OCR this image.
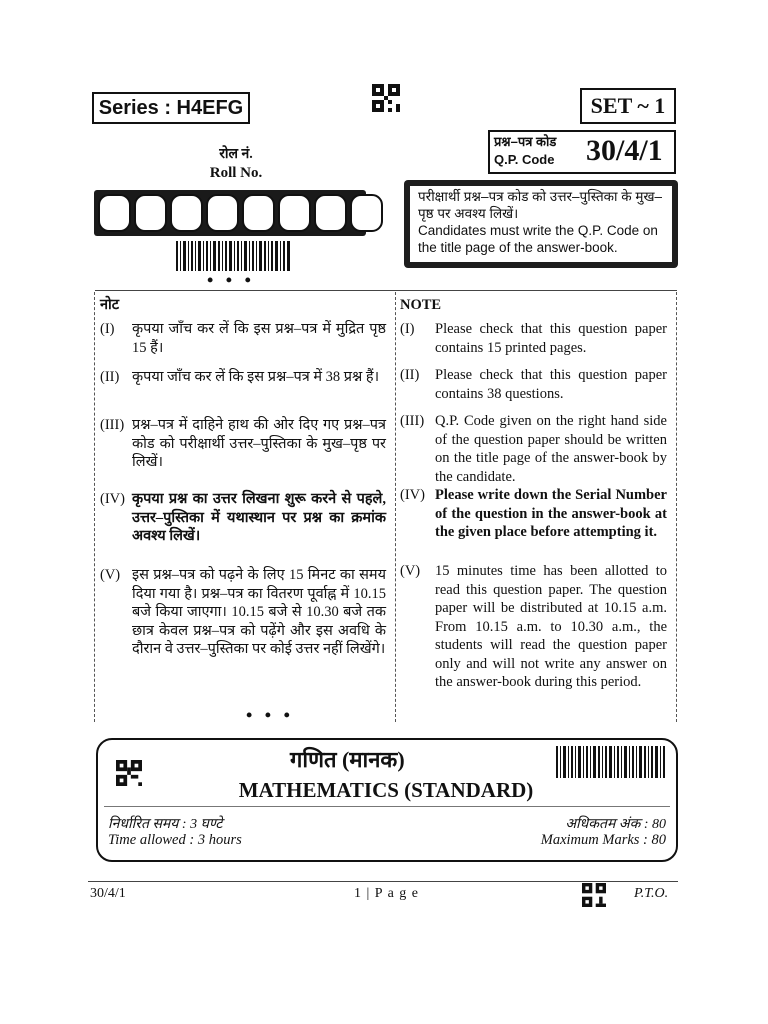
Series : H4EFG	SET ~ 1
रोल नं.
Roll No.
• • •
प्रश्न–पत्र कोड
Q.P. Code 30/4/1
परीक्षार्थी प्रश्न–पत्र कोड को उत्तर–पुस्तिका के मुख–पृष्ठ पर अवश्य लिखें।
Candidates must write the Q.P. Code on the title page of the answer-book.
नोट
(I) कृपया जाँच कर लें कि इस प्रश्न–पत्र में मुद्रित पृष्ठ 15 हैं।
(II) कृपया जाँच कर लें कि इस प्रश्न–पत्र में 38 प्रश्न हैं।
(III) प्रश्न–पत्र में दाहिने हाथ की ओर दिए गए प्रश्न–पत्र कोड को परीक्षार्थी उत्तर–पुस्तिका के मुख–पृष्ठ पर लिखें।
(IV) कृपया प्रश्न का उत्तर लिखना शुरू करने से पहले, उत्तर–पुस्तिका में यथास्थान पर प्रश्न का क्रमांक अवश्य लिखें।
(V) इस प्रश्न–पत्र को पढ़ने के लिए 15 मिनट का समय दिया गया है। प्रश्न–पत्र का वितरण पूर्वाह्न में 10.15 बजे किया जाएगा। 10.15 बजे से 10.30 बजे तक छात्र केवल प्रश्न–पत्र को पढ़ेंगे और इस अवधि के दौरान वे उत्तर–पुस्तिका पर कोई उत्तर नहीं लिखेंगे।
• • •
NOTE
(I) Please check that this question paper contains 15 printed pages.
(II) Please check that this question paper contains 38 questions.
(III) Q.P. Code given on the right hand side of the question paper should be written on the title page of the answer-book by the candidate.
(IV) Please write down the Serial Number of the question in the answer-book at the given place before attempting it.
(V) 15 minutes time has been allotted to read this question paper. The question paper will be distributed at 10.15 a.m. From 10.15 a.m. to 10.30 a.m., the students will read the question paper only and will not write any answer on the answer-book during this period.
गणित (मानक)
MATHEMATICS (STANDARD)
निर्धारित समय : 3 घण्टे
Time allowed : 3 hours
अधिकतम अंक : 80
Maximum Marks : 80
30/4/1	1 | P a g e	P.T.O.
